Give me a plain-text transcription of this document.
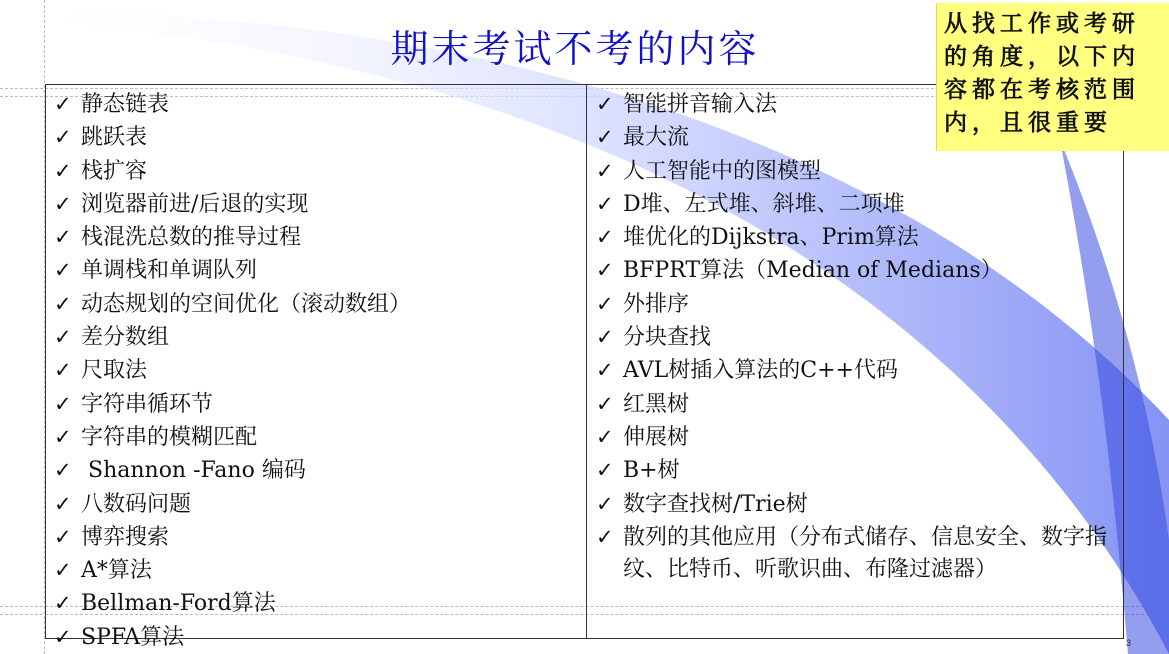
期末考试不考的内容
✓ 静态链表
✓ 跳跃表
✓ 栈扩容
✓ 浏览器前进/后退的实现
✓ 栈混洗总数的推导过程
✓ 单调栈和单调队列
✓ 动态规划的空间优化（滚动数组）
✓ 差分数组
✓ 尺取法
✓ 字符串循环节
✓ 字符串的模糊匹配
✓ Shannon -Fano 编码
✓ 八数码问题
✓ 博弈搜索
✓ A*算法
✓ Bellman-Ford算法
✓ SPFA算法
✓ 智能拼音输入法
✓ 最大流
✓ 人工智能中的图模型
✓ D堆、左式堆、斜堆、二项堆
✓ 堆优化的Dijkstra、Prim算法
✓ BFPRT算法（Median of Medians）
✓ 外排序
✓ 分块查找
✓ AVL树插入算法的C++代码
✓ 红黑树
✓ 伸展树
✓ B+树
✓ 数字查找树/Trie树
✓ 散列的其他应用（分布式储存、信息安全、数字指纹、比特币、听歌识曲、布隆过滤器）
从找工作或考研的角度，以下内容都在考核范围内，且很重要
3
